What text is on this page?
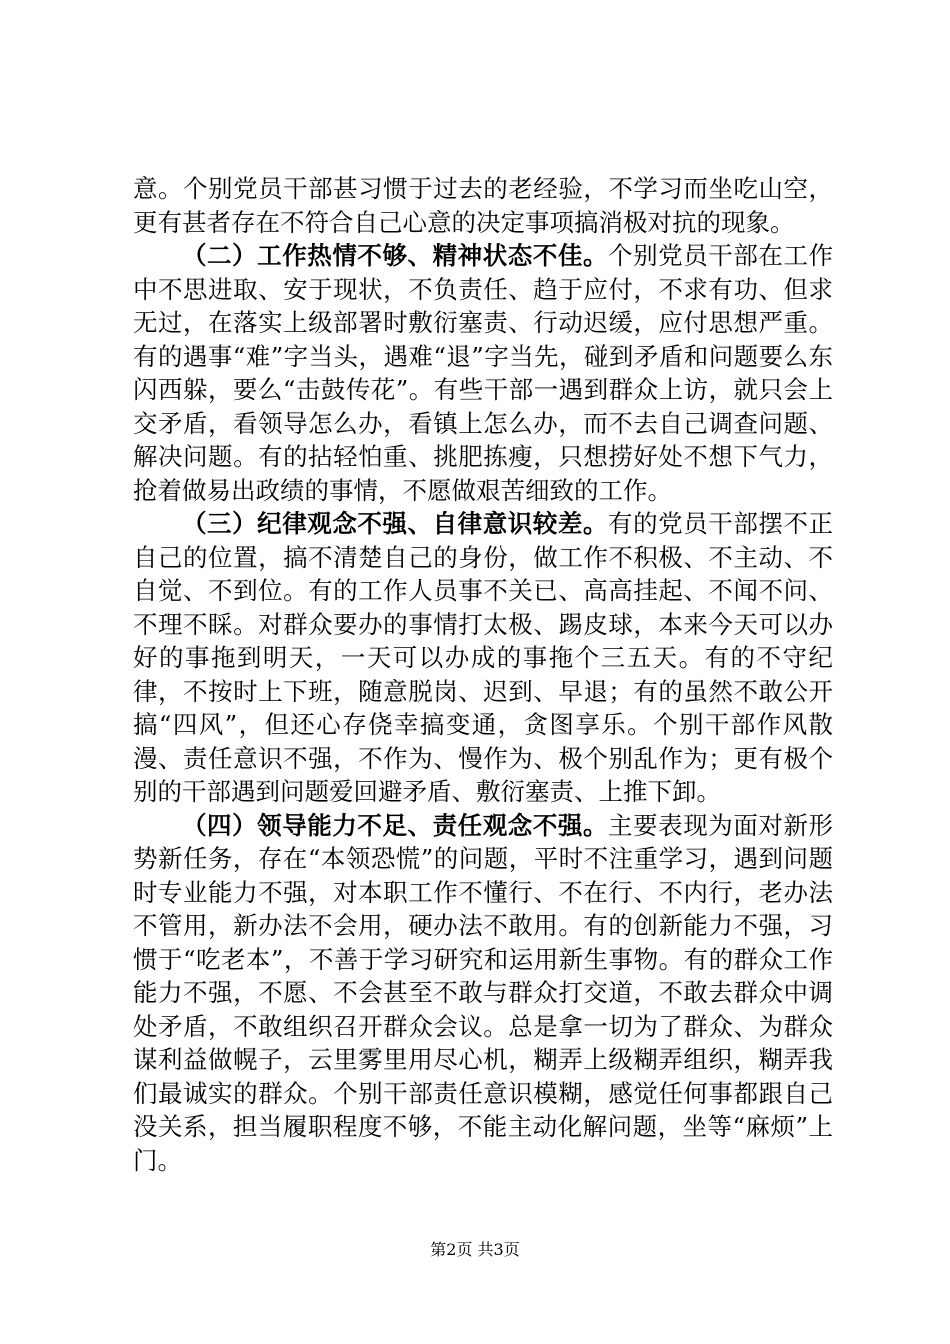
意。个别党员干部甚习惯于过去的老经验，不学习而坐吃山空，更有甚者存在不符合自己心意的决定事项搞消极对抗的现象。

（二）工作热情不够、精神状态不佳。个别党员干部在工作中不思进取、安于现状，不负责任、趋于应付，不求有功、但求无过，在落实上级部署时敷衍塞责、行动迟缓，应付思想严重。有的遇事“难”字当头，遇难“退”字当先，碰到矛盾和问题要么东闪西躲，要么“击鼓传花”。有些干部一遇到群众上访，就只会上交矛盾，看领导怎么办，看镇上怎么办，而不去自己调查问题、解决问题。有的拈轻怕重、挑肥拣瘦，只想捞好处不想下气力，抢着做易出政绩的事情，不愿做艰苦细致的工作。

（三）纪律观念不强、自律意识较差。有的党员干部摆不正自己的位置，搞不清楚自己的身份，做工作不积极、不主动、不自觉、不到位。有的工作人员事不关已、高高挂起、不闻不问、不理不睬。对群众要办的事情打太极、踢皮球，本来今天可以办好的事拖到明天，一天可以办成的事拖个三五天。有的不守纪律，不按时上下班，随意脱岗、迟到、早退；有的虽然不敢公开搞“四风”，但还心存侥幸搞变通，贪图享乐。个别干部作风散漫、责任意识不强，不作为、慢作为、极个别乱作为；更有极个别的干部遇到问题爱回避矛盾、敷衍塞责、上推下卸。

（四）领导能力不足、责任观念不强。主要表现为面对新形势新任务，存在“本领恐慌”的问题，平时不注重学习，遇到问题时专业能力不强，对本职工作不懂行、不在行、不内行，老办法不管用，新办法不会用，硬办法不敢用。有的创新能力不强，习惯于“吃老本”，不善于学习研究和运用新生事物。有的群众工作能力不强，不愿、不会甚至不敢与群众打交道，不敢去群众中调处矛盾，不敢组织召开群众会议。总是拿一切为了群众、为群众谋利益做幌子，云里雾里用尽心机，糊弄上级糊弄组织，糊弄我们最诚实的群众。个别干部责任意识模糊，感觉任何事都跟自己没关系，担当履职程度不够，不能主动化解问题，坐等“麻烦”上门。

第2页 共3页
